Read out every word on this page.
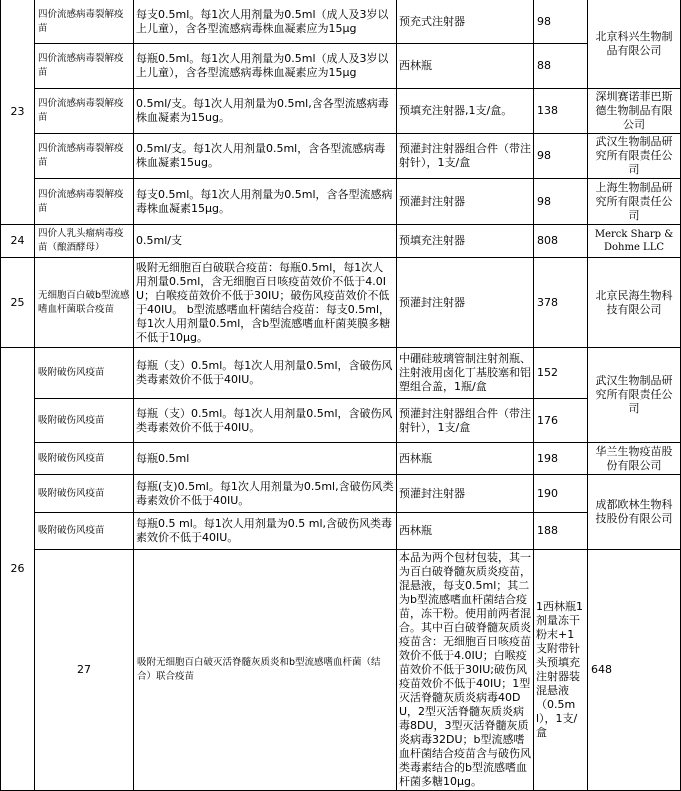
23	四价流感病毒裂解疫苗	每支0.5ml。每1次人用剂量为0.5ml（成人及3岁以上儿童），含各型流感病毒株血凝素应为15μg	预充式注射器	98	北京科兴生物制品有限公司	
	四价流感病毒裂解疫苗	每瓶0.5ml。每1次人用剂量为0.5ml（成人及3岁以上儿童），含各型流感病毒株血凝素应为15μg	西林瓶	88		
	四价流感病毒裂解疫苗	0.5ml/支。每1次人用剂量为0.5ml,含各型流感病毒株血凝素为15ug。	预填充注射器,1支/盒。	138	深圳赛诺菲巴斯德生物制品有限公司	
	四价流感病毒裂解疫苗	0.5ml/支。每1次人用剂量0.5ml，含各型流感病毒株血凝素15ug。	预灌封注射器组合件（带注射针），1支/盒	98	武汉生物制品研究所有限责任公司	
	四价流感病毒裂解疫苗	每支0.5ml。每1次人用剂量为0.5ml，含各型流感病毒株血凝素15μg。	预灌封注射器	98	上海生物制品研究所有限责任公司	
24	四价人乳头瘤病毒疫苗（酿酒酵母）	0.5ml/支	预填充注射器	808	Merck Sharp & Dohme LLC	
25	无细胞百白破b型流感嗜血杆菌联合疫苗	吸附无细胞百白破联合疫苗：每瓶0.5ml，每1次人用剂量0.5ml，含无细胞百日咳疫苗效价不低于4.0IU；白喉疫苗效价不低于30IU；破伤风疫苗效价不低于40IU。 b型流感嗜血杆菌结合疫苗：每支0.5ml，每1次人用剂量0.5ml，含b型流感嗜血杆菌荚膜多糖不低于10μg。	预灌封注射器	378	北京民海生物科技有限公司	
26	吸附破伤风疫苗	每瓶（支）0.5ml。每1次人用剂量0.5ml，含破伤风类毒素效价不低于40IU。	中硼硅玻璃管制注射剂瓶、注射液用卤化丁基胶塞和铝塑组合盖，1瓶/盒	152	武汉生物制品研究所有限责任公司	
	吸附破伤风疫苗	每瓶（支）0.5ml。每1次人用剂量0.5ml，含破伤风类毒素效价不低于40IU。	预灌封注射器组合件（带注射针），1支/盒	176		
	吸附破伤风疫苗	每瓶0.5ml	西林瓶	198	华兰生物疫苗股份有限公司	
	吸附破伤风疫苗	每瓶(支)0.5ml。每1次人用剂量为0.5ml,含破伤风类毒素效价不低于40IU。	预灌封注射器	190	成都欧林生物科技股份有限公司	
	吸附破伤风疫苗	每瓶0.5 ml。每1次人用剂量为0.5 ml,含破伤风类毒素效价不低于40IU。	西林瓶	188		
	27	吸附无细胞百白破灭活脊髓灰质炎和b型流感嗜血杆菌（结合）联合疫苗	本品为两个包材包装，其一为百白破脊髓灰质炎疫苗，混悬液，每支0.5ml；其二为b型流感嗜血杆菌结合疫苗，冻干粉。使用前两者混合。其中百白破脊髓灰质炎疫苗含：无细胞百日咳疫苗效价不低于4.0IU；白喉疫苗效价不低于30IU;破伤风疫苗效价不低于40IU；1型灭活脊髓灰质炎病毒40DU，2型灭活脊髓灰质炎病毒8DU，3型灭活脊髓灰质炎病毒32DU；b型流感嗜血杆菌结合疫苗含与破伤风类毒素结合的b型流感嗜血杆菌多糖10μg。	1西林瓶1剂量冻干粉末+1支附带针头预填充注射器装混悬液（0.5ml），1支/盒	648	
